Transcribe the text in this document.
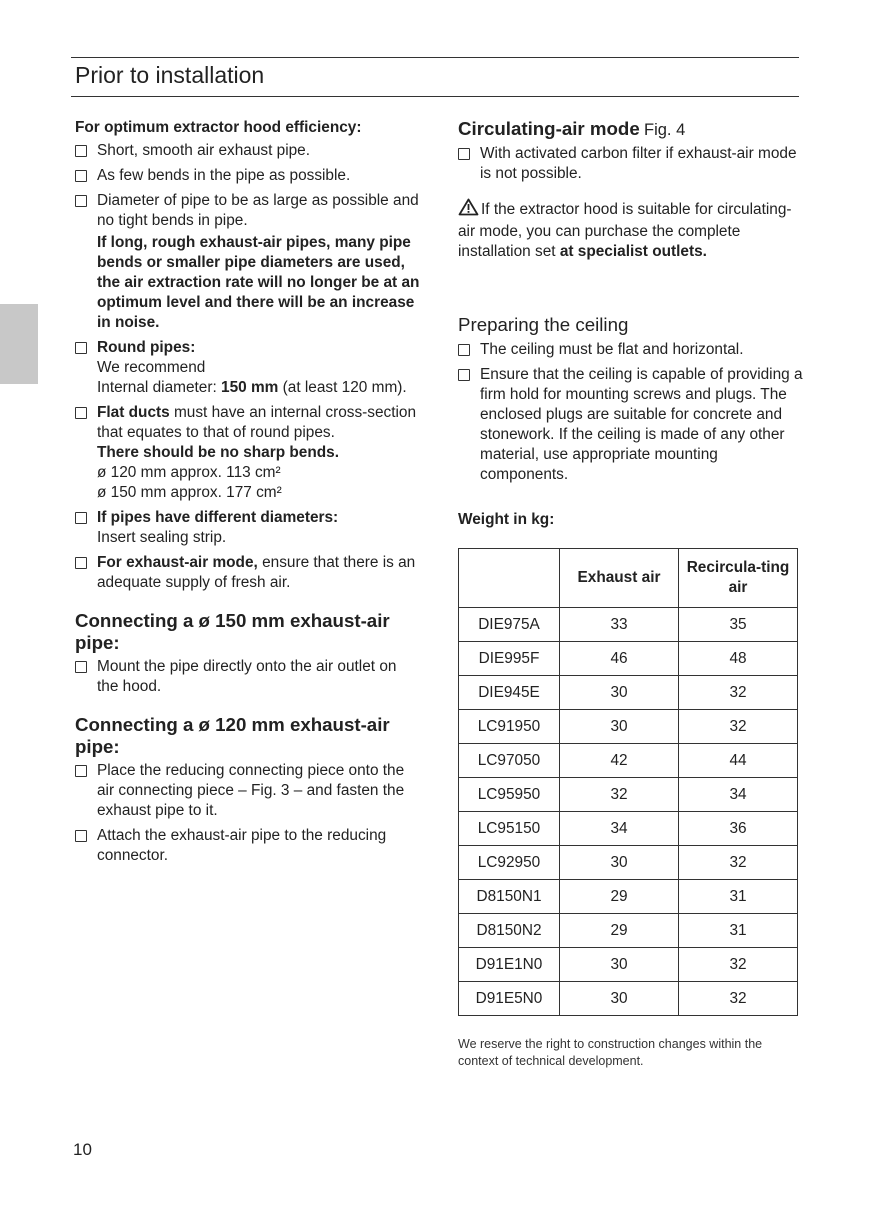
Prior to installation
For optimum extractor hood efficiency:
Short, smooth air exhaust pipe.
As few bends in the pipe as possible.
Diameter of pipe to be as large as possible and no tight bends in pipe.
If long, rough exhaust-air pipes, many pipe bends or smaller pipe diameters are used, the air extraction rate will no longer be at an optimum level and there will be an increase in noise.
Round pipes:
We recommend
Internal diameter: 150 mm (at least 120 mm).
Flat ducts must have an internal cross-section that equates to that of round pipes.
There should be no sharp bends.
ø 120 mm approx. 113 cm²
ø 150 mm approx. 177 cm²
If pipes have different diameters:
Insert sealing strip.
For exhaust-air mode, ensure that there is an adequate supply of fresh air.
Connecting a ø 150 mm exhaust-air pipe:
Mount the pipe directly onto the air outlet on the hood.
Connecting a ø 120 mm exhaust-air pipe:
Place the reducing connecting piece onto the air connecting piece – Fig. 3 – and fasten the exhaust pipe to it.
Attach the exhaust-air pipe to the reducing connector.
Circulating-air mode Fig. 4
With activated carbon filter if exhaust-air mode is not possible.
If the extractor hood is suitable for circulating-air mode, you can purchase the complete installation set at specialist outlets.
Preparing the ceiling
The ceiling must be flat and horizontal.
Ensure that the ceiling is capable of providing a firm hold for mounting screws and plugs. The enclosed plugs are suitable for concrete and stonework. If the ceiling is made of any other material, use appropriate mounting components.
Weight in kg:
	Exhaust air	Recircula-ting air
DIE975A	33	35
DIE995F	46	48
DIE945E	30	32
LC91950	30	32
LC97050	42	44
LC95950	32	34
LC95150	34	36
LC92950	30	32
D8150N1	29	31
D8150N2	29	31
D91E1N0	30	32
D91E5N0	30	32
We reserve the right to construction changes within the context of technical development.
10
